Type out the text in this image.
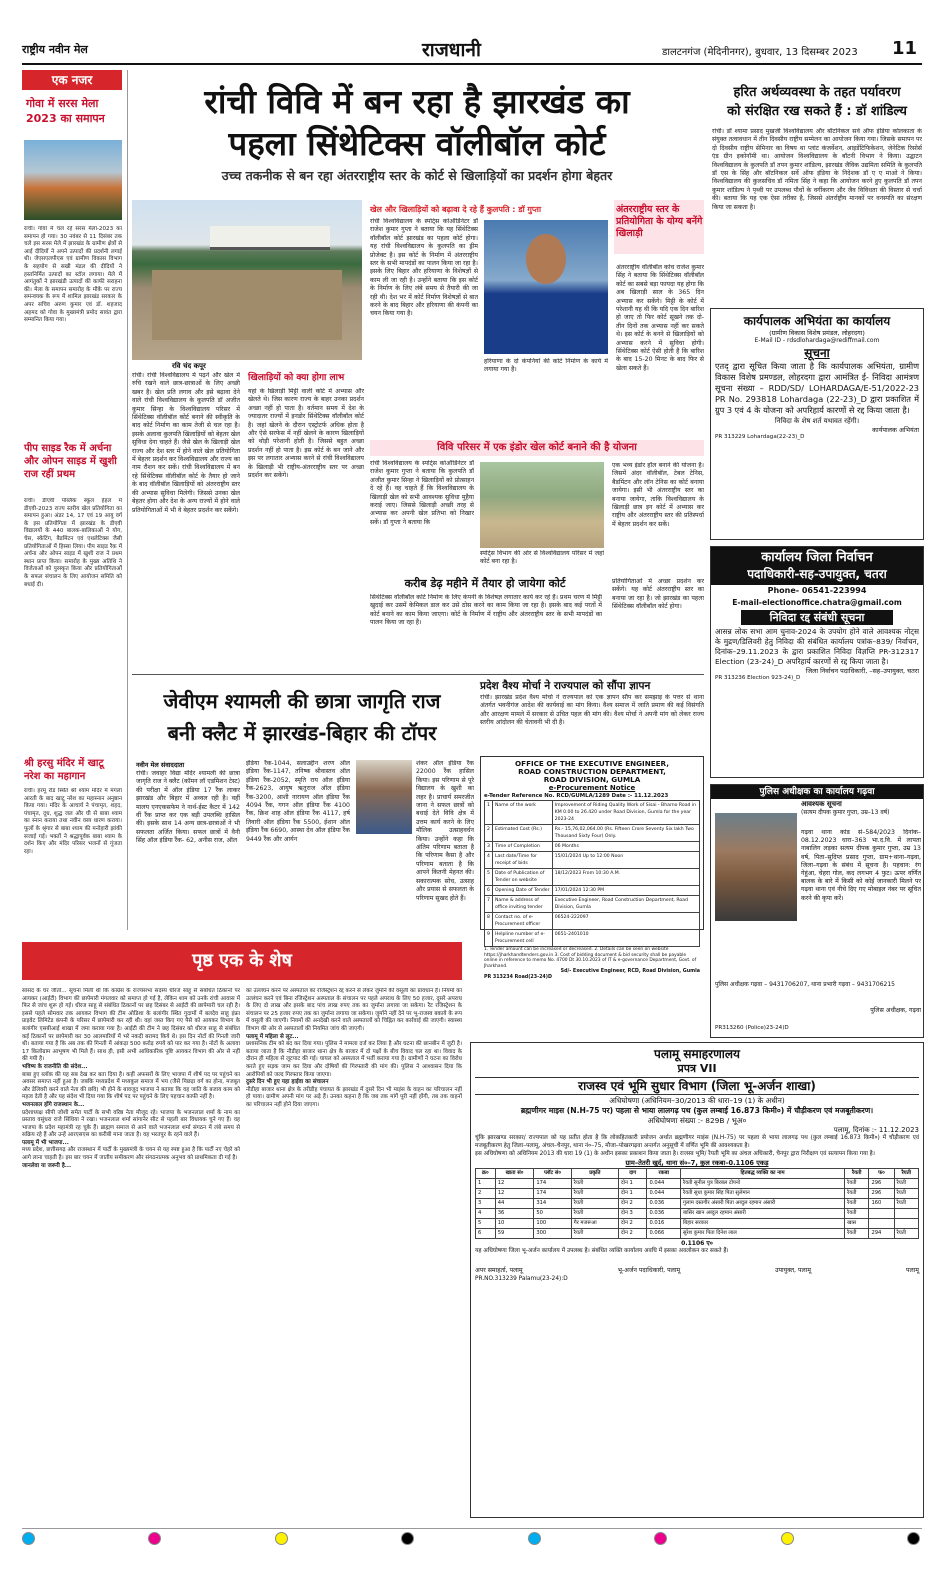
राष्ट्रीय नवीन मेल	राजधानी	डालटनगंज (मेदिनीनगर), बुधवार, 13 दिसम्बर 2023 11
एक नजर
गोवा में सरस मेला 2023 का समापन
रांची। गोवा में चल रहे सरस मेला-2023 का समापन हो गया। 30 नवंबर से 11 दिसंबर तक चले इस सरस मेले में झारखंड के ग्रामीण क्षेत्रों से आई दीदियों ने अपने उत्पादों की प्रदर्शनी लगाई थी। जेएसएलपीएस एवं ग्रामीण विकास विभाग के सहयोग से सखी मंडल की दीदियों ने हस्तनिर्मित उत्पादों का स्टॉल लगाया। मेले में आगंतुकों ने झारखंडी उत्पादों की काफी सराहना की। मेला के समापन समारोह के मौके पर राज्य समन्वयक के रूप में शामिल झारखंड सरकार के अपर सचिव अरुण कुमार एवं डॉ. शहजाद अहमद को गोवा के मुख्यमंत्री प्रमोद सावंत द्वारा सम्मानित किया गया।
पीप साइड रैक में अर्चना और ओपन साइड में खुशी राज रहीं प्रथम
रांची। डीएवी पब्लिक स्कूल हेहल में डीएवी-2023 राज्य स्तरीय खेल प्रतियोगिता का समापन हुआ। अंडर 14, 17 एवं 19 आयु वर्ग के इस प्रतियोगिता में झारखंड के डीएवी विद्यालयों के 440 बालक-बालिकाओं ने योग, चेस, स्केटिंग, बैडमिंटन एवं एथलेटिक्स जैसी प्रतियोगिताओं में हिस्सा लिया। पीप साइड रैक में अर्चना और ओपन साइड में खुशी राज ने प्रथम स्थान प्राप्त किया। समारोह के मुख्य अतिथि ने विजेताओं को पुरस्कृत किया और प्रतियोगिताओं के सफल संचालन के लिए आयोजन समिति को बधाई दी।
श्री हरसु मंदिर में खाटू नरेश का महागान
रांची। हरमू रोड स्थित श्री श्याम मंदिर में मंगला आरती के बाद खाटू नरेश का महास्नान अनुष्ठान किया गया। मंदिर के आचार्य ने पंचामृत, शहद, पंचामृत, दूध, शुद्ध जल और घी से बाबा श्याम का स्नान कराया तथा नवीन वस्त्र धारण कराया। फूलों के श्रृंगार से बाबा श्याम की मनोहारी झांकी सजाई गई। भक्तों ने श्रद्धापूर्वक बाबा श्याम के दर्शन किए और मंदिर परिसर भजनों से गूंजता रहा।
रांची विवि में बन रहा है झारखंड का
पहला सिंथेटिक्स वॉलीबॉल कोर्ट
उच्च तकनीक से बन रहा अंतरराष्ट्रीय स्तर के कोर्ट से खिलाड़ियों का प्रदर्शन होगा बेहतर
रवि चंद कपूर
खेल और खिलाड़ियों को बढ़ावा दे रहे हैं कुलपति : डॉ गुप्ता
रांची विश्वविद्यालय के स्पोर्ट्स कोऑर्डिनेटर डॉ राजेश कुमार गुप्ता ने बताया कि यह सिंथेटिक्स वॉलीबॉल कोर्ट झारखंड का पहला कोर्ट होगा। यह रांची विश्वविद्यालय के कुलपति का ड्रीम प्रोजेक्ट है। इस कोर्ट के निर्माण में अंतरराष्ट्रीय स्तर के सभी मापदंडों का पालन किया जा रहा है। इसके लिए बिहार और हरियाणा के विशेषज्ञों से काम ली जा रही है। उन्होंने बताया कि इस कोर्ट के निर्माण के लिए लंबे समय से तैयारी की जा रही थी। देश भर में कोर्ट निर्माण विशेषज्ञों से बात करने के बाद बिहार और हरियाणा की कंपनी का चयन किया गया है।
हरियाणा के दो कंपनियों की कोर्ट निर्माण के कार्य में लगाया गया है।
अंतरराष्ट्रीय स्तर के प्रतियोगिता के योग्य बनेंगे खिलाड़ी
अंतरराष्ट्रीय वॉलीबॉल कोच राजेश कुमार सिंह ने बताया कि सिंथेटिक्स वॉलीबॉल कोर्ट का सबसे बड़ा फायदा यह होगा कि अब खिलाड़ी साल के 365 दिन अभ्यास कर सकेंगे। मिट्टी के कोर्ट में परेशानी यह थी कि यदि एक दिन बारिश हो जाए तो फिर कोर्ट सूखने तक दो-तीन दिनों तक अभ्यास नहीं कर सकते थे। इस कोर्ट के बनने से खिलाड़ियों को अभ्यास करने में सुविधा होगी। सिंथेटिक्स कोर्ट ऐसी होती है कि बारिश के बाद 15-20 मिनट के बाद फिर से खेला सकते हैं।
रांची। रांची विश्वविद्यालय में पढ़ने और खेल में रुचि रखने वाले छात्र-छात्राओं के लिए अच्छी खबर है। खेल प्रति लगाव और इसे बढ़ावा देने वाले रांची विश्वविद्यालय के कुलपति डॉ अजीत कुमार सिन्हा के विश्वविद्यालय परिसर में सिंथेटिक्स वॉलीबॉल कोर्ट बनाने की स्वीकृति के बाद कोर्ट निर्माण का काम तेजी से चल रहा है। इसके अलावा कुलपति खिलाड़ियों को बेहतर खेल सुविधा देना चाहते हैं। जैसे खेल के खिलाड़ी खेल राज्य और देश स्तर में होने वाले खेल प्रतियोगिता में बेहतर प्रदर्शन कर विश्वविद्यालय और राज्य का नाम रौशन कर सकें। रांची विश्वविद्यालय में बन रहे सिंथेटिक्स वॉलीबॉल कोर्ट के तैयार हो जाने के बाद वॉलीबॉल खिलाड़ियों को अंतरराष्ट्रीय स्तर की अभ्यास सुविधा मिलेगी। जिससे उनका खेल बेहतर होगा और देश के अन्य राज्यों में होने वाले प्रतियोगिताओं में भी वे बेहतर प्रदर्शन कर सकेंगे।
खिलाड़ियों को क्या होगा लाभ
यहां के खिलाड़ी मिट्टी वाली कोर्ट में अभ्यास और खेलते थे। जिस कारण राज्य के बाहर उनका प्रदर्शन अच्छा नहीं हो पाता है। वर्तमान समय में देश के ज्यादातर राज्यों में इनडोर सिंथेटिक्स वॉलीबॉल कोर्ट है। जहां खेलने के दौरान एस्ट्रोटर्फ अधिक होता है और ऐसे सरफेस में नहीं खेलने के कारण खिलाड़ियों को थोड़ी परेशानी होती है। जिससे बहुत अच्छा प्रदर्शन नहीं हो पाता है। इस कोर्ट के बन जाने और इस पर लगातार अभ्यास करने से रांची विश्वविद्यालय के खिलाड़ी भी राष्ट्रीय-अंतरराष्ट्रीय स्तर पर अच्छा प्रदर्शन कर सकेंगे।
विवि परिसर में एक इंडोर खेल कोर्ट बनाने की है योजना
रांची विश्वविद्यालय के स्पोर्ट्स कोऑर्डिनेटर डॉ राजेश कुमार गुप्ता ने बताया कि कुलपति डॉ अजीत कुमार सिन्हा ने खिलाड़ियों को प्रोत्साहन दे रहे हैं। वह चाहते हैं कि विश्वविद्यालय के खिलाड़ी खेल को सभी आवश्यक सुविधा मुहैया कराई जाए। जिससे खिलाड़ी अच्छी तरह से अभ्यास कर अपनी खेल प्रतिभा को निखार सकें। डॉ गुप्ता ने बताया कि
स्पोर्ट्स विभाग की ओर से विश्वविद्यालय परिसर में जहां कोर्ट बना रहा है।
एक भव्य इंडोर हॉल बनाने की योजना है। जिसमें अंदर वॉलीबॉल, टेबल टेनिस, बैडमिंटन और लॉन टेनिस का कोर्ट बनाया जायेगा। इसी भी अंतरराष्ट्रीय स्तर का बनाया जायेगा, ताकि विश्वविद्यालय के खिलाड़ी छात्र इन कोर्ट में अभ्यास कर राष्ट्रीय और अंतरराष्ट्रीय स्तर की प्रतिस्पर्धा में बेहतर प्रदर्शन कर सकें।
करीब डेढ़ महीने में तैयार हो जायेगा कोर्ट
सिंथेटिक्स वॉलीबॉल कोर्ट निर्माण के लिए कंपनी के विशेषज्ञ लगातार कार्य कर रहे हैं। प्रथम चरण में मिट्टी खुदाई कर उसमें केमिकल डाल कर उसे ठोस करने का काम किया जा रहा है। इसके बाद कई परतों में कोर्ट बनाने का काम किया जाएगा। कोर्ट के निर्माण में राष्ट्रीय और अंतरराष्ट्रीय स्तर के सभी मापदंडों का पालन किया जा रहा है।
प्रतियोगिताओं में अच्छा प्रदर्शन कर सकेंगे। यह कोर्ट अंतरराष्ट्रीय स्तर का बनाया जा रहा है। जो झारखंड का पहला सिंथेटिक्स वॉलीबॉल कोर्ट होगा।
जेवीएम श्यामली की छात्रा जागृति राज
बनी क्लैट में झारखंड-बिहार की टॉपर
नवीन मेल संवाददाता
रांची। जवाहर विद्या मंदिर श्यामली की छात्रा जागृति राज ने क्लैट (कॉमन लॉ एडमिशन टेस्ट) की परीक्षा में ऑल इंडिया 17 रैंक लाकर झारखंड और बिहार में अव्वल रही है। वहीं मालय एनएकसफेम ने नार्थ-ईस्ट कैटर में 142 वीं रैंक प्राप्त कर एक बड़ी उपलब्धि हासिल की। इसके साथ 14 अन्य छात्र-छात्राओं ने भी सफलता अर्जित किया। सफल छात्रों में वैनी सिंह ऑल इंडिया रैंक- 62, अनीस राज, ऑल
इंडिया रैंक-1044, सलाउद्दीन शरण ऑल इंडिया रैंक-1147, तनिष्क श्रीवास्तव ऑल इंडिया रैंक-2052, स्मृति राय ऑल इंडिया रैंक-2623, आयुष ऋतुराज ऑल इंडिया रैंक-3200, आशी नारायण ऑल इंडिया रैंक 4094 रैंक, गगन ऑल इंडिया रैंक 4100 रैंक, क्रिश शाह ऑल इंडिया रैंक 4117, हर्ष तिवारी ऑल इंडिया रैंक 5500, ईशान ऑल इंडिया रैंक 6690, आस्था देव ऑल इंडिया रैंक 9449 रैंक और आर्यन
शंकर ऑल इंडिया रैंक 22000 रैंक हासिल किया। इस परिणाम से पूरे विद्यालय के खुशी का लहर है। प्राचार्य समरजीत जाना ने सफल छात्रों को बधाई देते विवि क्षेत्र में उत्तम कार्य करने के लिए मौलिक उत्साहवर्धन किया। उन्होंने कहा कि अंतिम परिणाम बताता है कि परिणाम कैसा है और परिणाम बताता है कि आपने कितनी मेहनत की। सकारात्मक सोच, उत्साह और प्रयास से सफलता के परिणाम सुखद होते हैं।
प्रदेश वैश्य मोर्चा ने राज्यपाल को सौंपा ज्ञापन
रांची। झारखंड प्रदेश वैश्य मोर्चा ने राज्यपाल को एक ज्ञापन सौंप कर समझाइ के पत्तर से थाना अंतर्गत भवनीगंज आदेश की कार्यवाई का मांग किया। वैश्य समाज में जाति प्रमाण की कई विसंगति और आरक्षण मामले में सरकार से उचित पहल की मांग की। वैश्य मोर्चा ने अपनी मांग को लेकर राज्य स्तरीय आंदोलन की चेतावनी भी दी है।
OFFICE OF THE EXECUTIVE ENGINEER,
ROAD CONSTRUCTION DEPARTMENT,
ROAD DIVISION, GUMLA
e-Procurement Notice
e-Tender Reference No. RCD/GUMLA/1289 Date :- 11.12.2023
1	Name of the work	Improvement of Riding Quality Work of Sisai - Bharno Road in KM 0.00 to 26.420 under Road Division, Gumla for the year 2023-24
2	Estimated Cost (Rs.)	Rs.- 15,76,02,064.00 (Rs. Fifteen Crore Seventy Six lakh Two Thousand Sixty Four) Only.
3	Time of Completion	06 Months
4	Last date/Time for receipt of bids	15/01/2024 Up to 12:00 Noon
5	Date of Publication of Tender on website	18/12/2023 From 10:30 A.M.
6	Opening Date of Tender	17/01/2024 12:30 PM
7	Name & address of office inviting tender	Executive Engineer, Road Construction Department, Road Division, Gumla
8	Contact no. of e-Procurement officer	06524-222097
9	Helpline number of e-Procurement cell	0651-2401010
1. Tender amount can be increased or decreased. 2. Details can be seen on website https://jharkhandtenders.gov.in 3. Cost of bidding document & bid security shall be payable online in reference to memo No. 4700 Dt 30.10.2023 of IT & e-governance Department, Govt. of Jharkhand.
Sd/- Executive Engineer, RCD, Road Division, Gumla
PR 313234 Road(23-24)D
पृष्ठ एक के शेष
सांसद के घर जीतो... सूचना मिली थी कि कांग्रेस के राज्यसभा सदस्य धीरज साहू से संबंधित ठिकानों पर आयकर (आईटी) विभाग की छापेमारी मंगलवार को समाप्त हो गई है, लेकिन शाम को उनके रांची आवास में फिर से जांच शुरू हो गई। धीरज साहू से संबंधित ठिकानों पर छह दिसंबर से आईटी की छापेमारी चल रही है। इससे पहले सोमवार तक आयकर विभाग की टीम ओडिशा के बलांगीर स्थित गुदामों में बलदेव साहू इंफ्रा प्राइवेट लिमिटेड कंपनी के परिसर में छापेमारी कर रही थी। वहां जब्त किए गए पैसे को आयकर विभाग के बलांगीर एसबीआई शाखा में जमा कराया गया है। आईटी की टीम ने छह दिसंबर को धीरज साहू से संबंधित कई ठिकानों पर छापेमारी कर 30 आलमारियों में भरे नकदी बरामद किये थे। इस दिन नोटों की गिनती जारी थी। बताया गया है कि अब तक की गिनती में आंकड़ा 500 करोड़ रुपये को पार कर गया है। नोटों के अलावा 17 किलोग्राम आभूषण भी मिले हैं। साथ ही, इसी अभी आधिकारिक पुष्टि आयकर विभाग की ओर से नहीं की गयी है।
भविष्य के राजनीति की संदेश...
बाबा हुए ब्लॉक की यह सब देख कर बता दिया है। कहीं अफसरों के लिए भाजपा में शीर्ष पद पर पहुंचने का अवसर समाप्त नहीं हुआ है। जबकि मध्यप्रदेश में मध्यकुल समाज में भय (जैसे पिछड़ा वर्ग का होना, मजबूत और डेलिवरी करने वाले नेता की छवि) भी होने के बावजूद भाजपा ने बताया कि वह जाति के बजाय काम को महत्व देती है और यह संदेश भी दिया गया कि शीर्ष पद पर पहुंचने के लिए पहचान काफी नहीं है।
भजनलाल होंगे राजस्थान के...
प्रदेशाध्यक्ष सीपी जोशी समेत पार्टी के सभी वरिष्ठ नेता मौजूद रहे। भाजपा के भजनलाल शर्मा के नाम का प्रस्ताव वसुंधरा राजे सिंधिया ने रखा। भजनलाल शर्मा सांगानेर सीट से पहली बार विधायक चुने गए हैं। वह भाजपा के प्रदेश महामंत्री रह चुके हैं। ब्राह्मण समाज से आने वाले भजनलाल शर्मा संगठन में लंबे समय से सक्रिय रहे हैं और उन्हें आरएसएस का करीबी माना जाता है। वह भरतपुर के रहने वाले हैं।
पलामू में भी भाजपा...
मध्य प्रदेश, छत्तीसगढ़ और राजस्थान में पार्टी के मुख्यमंत्री के चयन से यह स्पष्ट हुआ है कि पार्टी नए चेहरे को आगे लाना चाहती है। इस बार चयन में जातीय समीकरण और संगठनात्मक अनुभव को प्राथमिकता दी गई है।
जानलेवा या जरूरी है...
का उल्लंघन करने पर अस्पताल का रजिस्ट्रेशन रद्द करने से लेकर जुर्माने की वसूली का प्रावधान है। नियमों का उल्लंघन करने एवं बिना रजिस्ट्रेशन अस्पताल के संचालन पर पहले अपराध के लिए 50 हजार, दूसरे अपराध के लिए दो लाख और इसके बाद पांच लाख रुपए तक का जुर्माना लगाया जा सकेगा। रैट रजिस्ट्रेशन के संचालन पर 25 हजार रुपए तक का जुर्माना लगाया जा सकेगा। जुर्माने नहीं देने पर भू-राजस्व बकाये के रूप में वसूली की जाएगी। नियमों की अनदेखी करने वाले अस्पतालों को चिह्नित कर कार्रवाई की जाएगी। स्वास्थ्य विभाग की ओर से अस्पतालों की नियमित जांच की जाएगी।
पलामू में महिला से लूट...
प्रशासनिक टीम को बंद कर दिया गया। पुलिस ने मामला दर्ज कर लिया है और घटना की छानबीन में जुटी है। बताया जाता है कि नौडीहा बाजार थाना क्षेत्र के बाजार में दो पक्षों के बीच विवाद चल रहा था। विवाद के दौरान ही महिला से लूटपाट की गई। घायल को अस्पताल में भर्ती कराया गया है। ग्रामीणों ने घटना का विरोध करते हुए सड़क जाम कर दिया और दोषियों की गिरफ्तारी की मांग की। पुलिस ने आश्वासन दिया कि आरोपियों को जल्द गिरफ्तार किया जाएगा।
दुसरे दिन भी हुए यहा हाईवा का संचालन
नौडीहा बाजार थाना क्षेत्र के तरीडीह पंचायत के झारखंड में दूसरे दिन भी माइंस के वाहन का परिचालन नहीं हो पाया। ग्रामीण अपनी मांग पर अड़े हैं। उनका कहना है कि जब तक मांगें पूरी नहीं होंगी, तब तक वाहनों का परिचालन नहीं होने दिया जाएगा।
हरित अर्थव्यवस्था के तहत पर्यावरण
को संरक्षित रख सकते हैं : डॉ शांडिल्य
रांची। डॉ श्यामा प्रसाद मुखर्जी विश्वविद्यालय और बॉटनिकल सर्वे ऑफ इंडिया कोलकाता के संयुक्त तत्वावधान में तीन दिवसीय राष्ट्रीय सम्मेलन का आयोजन किया गया। जिसके समापन पर दो दिवसीय राष्ट्रीय सेमिनार का विषय था प्लांट कंजर्वेशन, आइडेंटिफिकेशन, जेनेटिक रिसोर्स एंड ग्रीन इकोनॉमी था। आयोजन विश्वविद्यालय के बॉटनी विभाग ने किया। उद्घाटन विश्वविद्यालय के कुलपति डॉ तपन कुमार शांडिल्य, झारखंड जैविक उद्यमिता समिति के कुलपति डॉ एस के सिंह और बॉटनिकल सर्वे ऑफ इंडिया के निदेशक डॉ ए ए माओ ने किया। विश्वविद्यालय की कुलसचिव डॉ नमिता सिंह ने कहा कि आयोजन करने हुए कुलपति डॉ तपन कुमार शांडिल्य ने पृथ्वी पर उपलब्ध पौधों के वर्गीकरण और जैव विविधता की विस्तार से चर्चा की। बताया कि यह एक ऐसा तरीका है, जिससे अंतर्राष्ट्रीय मानकों पर वनस्पति का संरक्षण किया जा सकता है।
कार्यपालक अभियंता का कार्यालय
(ग्रामीण विकास विशेष प्रमंडल, लोहरदगा)
E-Mail ID - rdsdlohardaga@rediffmail.com
सूचना
एतद् द्वारा सूचित किया जाता है कि कार्यपालक अभियंता, ग्रामीण विकास विशेष प्रमण्डल, लोहरदगा द्वारा आमंत्रित ई- निविदा आमंत्रण सूचना संख्या – RDD/SD/ LOHARDAGA/E-51/2022-23 PR No. 293818 Lohardaga (22-23)_D द्वारा प्रकाशित में ग्रुप 3 एवं 4 के योजना को अपरिहार्य कारणों से रद्द किया जाता है।
निविदा के शेष शर्त यथावत रहेंगी।
कार्यपालक अभियंता
PR 313229 Lohardaga(22-23)_D
कार्यालय जिला निर्वाचन
पदाधिकारी-सह-उपायुक्त, चतरा
Phone- 06541-223994
E-mail-electionoffice.chatra@gmail.com
निविदा रद्द संबंधी सूचना
आसन्न लोक सभा आम चुनाव-2024 के उपयोग होने वाले आवश्यक नोट्स के मुद्रण/डिलिवरी हेतु निविदा की संबंधित कार्यालय पत्रांक–839/ निर्वाचन, दिनांक–29.11.2023 के द्वारा प्रकाशित निविदा विज्ञप्ति PR-312317 Election (23-24)_D अपरिहार्य कारणों से रद्द किया जाता है।
जिला निर्वाचन पदाधिकारी, –सह–उपायुक्त, चतरा
PR 313236 Election 923-24)_D
पुलिस अधीक्षक का कार्यालय गढ़वा
आवश्यक सूचना
(सत्यम दीपक कुमार गुप्ता, उम्र–13 वर्ष)
गढ़वा थाना कांड सं–584/2023 दिनांक–08.12.2023 धारा–363 भा.द.वि. में लापता नाबालिग लड़का सत्यम दीपक कुमार गुप्ता, उम्र 13 वर्ष, पिता–सुदिप्त प्रसाद गुप्ता, ग्राम+थाना–गढ़वा, जिला–गढ़वा के संबंध में सूचना है। पहचान: रंग गेहुंआ, चेहरा गोल, कद लगभग 4 फुट। ऊपर वर्णित बालक के बारे में किसी को कोई जानकारी मिलने पर गढ़वा थाना एवं नीचे दिए गए मोबाइल नंबर पर सूचित करने की कृपा करें।
पुलिस अधीक्षक गढ़वा – 9431706207, थाना प्रभारी गढ़वा – 9431706215
पुलिस अधीक्षक, गढ़वा
PR313260 (Police)23-24)D
पलामू समाहरणालय
प्रपत्र VII
राजस्व एवं भूमि सुधार विभाग (जिला भू-अर्जन शाखा)
अधिघोषणा (अधिनियम–30/2013 की धारा–19 (1) के अधीन)
ब्रह्मणीगर माइस (N.H-75 पर) पहला से भाया लालगढ़ पथ (कुल लम्बाई 16.873 किमी०) में चौड़ीकरण एवं मजबूतीकरण।
अधिघोषणा संख्या :- 829B / भूअ०
पलामू, दिनांक :- 11.12.2023
चूंकि झारखण्ड सरकार/ राज्यपाल को यह प्रतीत होता है कि लोकहितकारी प्रयोजन अर्थात ब्रह्मणीगर माइंस (N.H-75) पर पहला से भाया लालगढ़ पथ (कुल लम्बाई 16.873 किमी०) में चौड़ीकरण एवं मजबूतीकरण हेतु जिला–पलामू, अंचल–चैनपुर, थाना नं०–75, मौजा–पोखरगढ़वा अन्तर्गत अनुसूची में वर्णित भूमि की आवश्यकता है।
इस अधिघोषणा को अधिनियम 2013 की धारा 19 (1) के अधीन इसका प्रकाशन किया जाता है। राजस्व भूमि/ रैयती भूमि का अंचल अधिकारी, चैनपुर द्वारा निरीक्षण एवं सत्यापन किया गया है।
ग्राम–तेतरी खुर्द, थाना सं०–7, कुल रकबा–0.1106 एकड़
क्र०	खाता सं०	प्लॉट सं०	प्रकृति	दाग	रकबा	हितबद्ध व्यक्ति का नाम	रैयती	फ०	रैयती
1	12	174	रैयती	दोन 1	0.044	रैयती सुनील पुत्र बिरबल टोपनो	रैयती	296	रैयती
2	12	174	रैयती	दोन 1	0.044	रैयती सुधा कुमार सिंह पिता सुलेमान	रैयती	296	रैयती
3	44	314	रैयती	दोन 2	0.036	गुलाम दस्तगीर अंसारी पिता अब्दुल रहमान अंसारी	रैयती	160	रैयती
4	36	50	रैयती	दोन 3	0.036	बासिर खान अब्दुल रहमान अंसारी	रैयती		
5	10	100	गैर मजरूआ	दोन 2	0.016	बिहार सरकार	खास		
6	59	300	रैयती	दोन 2	0.066	सुरेश कुमार पिता दिनेश लाल	रैयती	294	रैयती
0.1106 ए०
यह अधिघोषणा जिला भू-अर्जन कार्यालय में उपलब्ध है। संबंधित व्यक्ति कार्यालय अवधि में इसका अवलोकन कर सकते हैं।
अपर समाहर्ता, पलामू	भू-अर्जन पदाधिकारी, पलामू	उपायुक्त, पलामू	पलामू
PR.NO.313239 Palamu(23-24):D
